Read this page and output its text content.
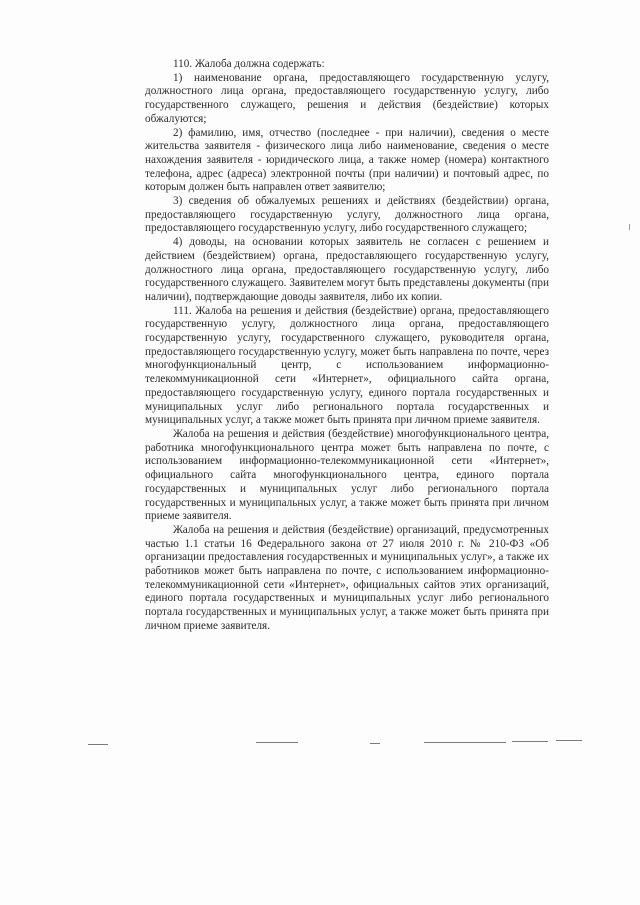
110. Жалоба должна содержать:

1) наименование органа, предоставляющего государственную услугу, должностного лица органа, предоставляющего государственную услугу, либо государственного служащего, решения и действия (бездействие) которых обжалуются;

2) фамилию, имя, отчество (последнее - при наличии), сведения о месте жительства заявителя - физического лица либо наименование, сведения о месте нахождения заявителя - юридического лица, а также номер (номера) контактного телефона, адрес (адреса) электронной почты (при наличии) и почтовый адрес, по которым должен быть направлен ответ заявителю;

3) сведения об обжалуемых решениях и действиях (бездействии) органа, предоставляющего государственную услугу, должностного лица органа, предоставляющего государственную услугу, либо государственного служащего;

4) доводы, на основании которых заявитель не согласен с решением и действием (бездействием) органа, предоставляющего государственную услугу, должностного лица органа, предоставляющего государственную услугу, либо государственного служащего. Заявителем могут быть представлены документы (при наличии), подтверждающие доводы заявителя, либо их копии.

111. Жалоба на решения и действия (бездействие) органа, предоставляющего государственную услугу, должностного лица органа, предоставляющего государственную услугу, государственного служащего, руководителя органа, предоставляющего государственную услугу, может быть направлена по почте, через многофункциональный центр, с использованием информационно-телекоммуникационной сети «Интернет», официального сайта органа, предоставляющего государственную услугу, единого портала государственных и муниципальных услуг либо регионального портала государственных и муниципальных услуг, а также может быть принята при личном приеме заявителя.

Жалоба на решения и действия (бездействие) многофункционального центра, работника многофункционального центра может быть направлена по почте, с использованием информационно-телекоммуникационной сети «Интернет», официального сайта многофункционального центра, единого портала государственных и муниципальных услуг либо регионального портала государственных и муниципальных услуг, а также может быть принята при личном приеме заявителя.

Жалоба на решения и действия (бездействие) организаций, предусмотренных частью 1.1 статьи 16 Федерального закона от 27 июля 2010 г. № 210-ФЗ «Об организации предоставления государственных и муниципальных услуг», а также их работников может быть направлена по почте, с использованием информационно-телекоммуникационной сети «Интернет», официальных сайтов этих организаций, единого портала государственных и муниципальных услуг либо регионального портала государственных и муниципальных услуг, а также может быть принята при личном приеме заявителя.
